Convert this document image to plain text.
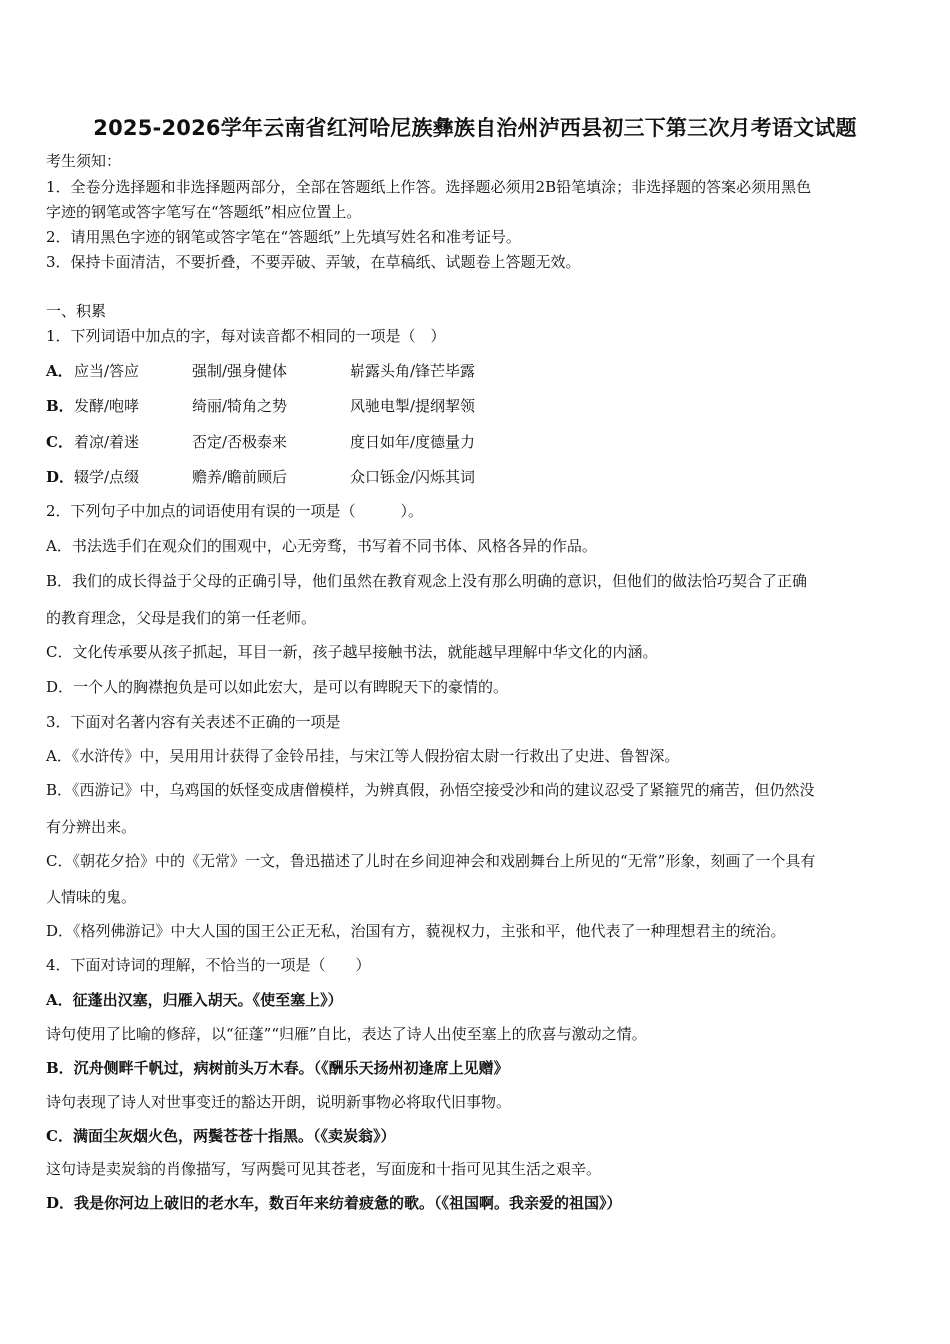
2025-2026学年云南省红河哈尼族彝族自治州泸西县初三下第三次月考语文试题
考生须知：
1．全卷分选择题和非选择题两部分，全部在答题纸上作答。选择题必须用2B铅笔填涂；非选择题的答案必须用黑色
字迹的钢笔或答字笔写在“答题纸”相应位置上。
2．请用黑色字迹的钢笔或答字笔在“答题纸”上先填写姓名和准考证号。
3．保持卡面清洁，不要折叠，不要弄破、弄皱，在草稿纸、试题卷上答题无效。
一、积累
1．下列词语中加点的字，每对读音都不相同的一项是（　）
A． 应当/答应	强制/强身健体	崭露头角/锋芒毕露
B． 发酵/咆哮	绮丽/犄角之势	风驰电掣/提纲挈领
C． 着凉/着迷	否定/否极泰来	度日如年/度德量力
D． 辍学/点缀	赡养/瞻前顾后	众口铄金/闪烁其词
2．下列句子中加点的词语使用有误的一项是（　　　）。
A．书法选手们在观众们的围观中，心无旁骛，书写着不同书体、风格各异的作品。
B．我们的成长得益于父母的正确引导，他们虽然在教育观念上没有那么明确的意识，但他们的做法恰巧契合了正确
的教育理念，父母是我们的第一任老师。
C．文化传承要从孩子抓起，耳目一新，孩子越早接触书法，就能越早理解中华文化的内涵。
D．一个人的胸襟抱负是可以如此宏大，是可以有睥睨天下的豪情的。
3．下面对名著内容有关表述不正确的一项是
A．《水浒传》中，吴用用计获得了金铃吊挂，与宋江等人假扮宿太尉一行救出了史进、鲁智深。
B．《西游记》中，乌鸡国的妖怪变成唐僧模样，为辨真假，孙悟空接受沙和尚的建议忍受了紧箍咒的痛苦，但仍然没
有分辨出来。
C．《朝花夕拾》中的《无常》一文，鲁迅描述了儿时在乡间迎神会和戏剧舞台上所见的“无常”形象，刻画了一个具有
人情味的鬼。
D．《格列佛游记》中大人国的国王公正无私，治国有方，藐视权力，主张和平，他代表了一种理想君主的统治。
4．下面对诗词的理解，不恰当的一项是（　　）
A．征蓬出汉塞，归雁入胡天。《使至塞上》）
诗句使用了比喻的修辞，以“征蓬”“归雁”自比，表达了诗人出使至塞上的欣喜与激动之情。
B．沉舟侧畔千帆过，病树前头万木春。（《酬乐天扬州初逢席上见赠》
诗句表现了诗人对世事变迁的豁达开朗，说明新事物必将取代旧事物。
C．满面尘灰烟火色，两鬓苍苍十指黑。（《卖炭翁》）
这句诗是卖炭翁的肖像描写，写两鬓可见其苍老，写面庞和十指可见其生活之艰辛。
D．我是你河边上破旧的老水车，数百年来纺着疲惫的歌。（《祖国啊。我亲爱的祖国》）
